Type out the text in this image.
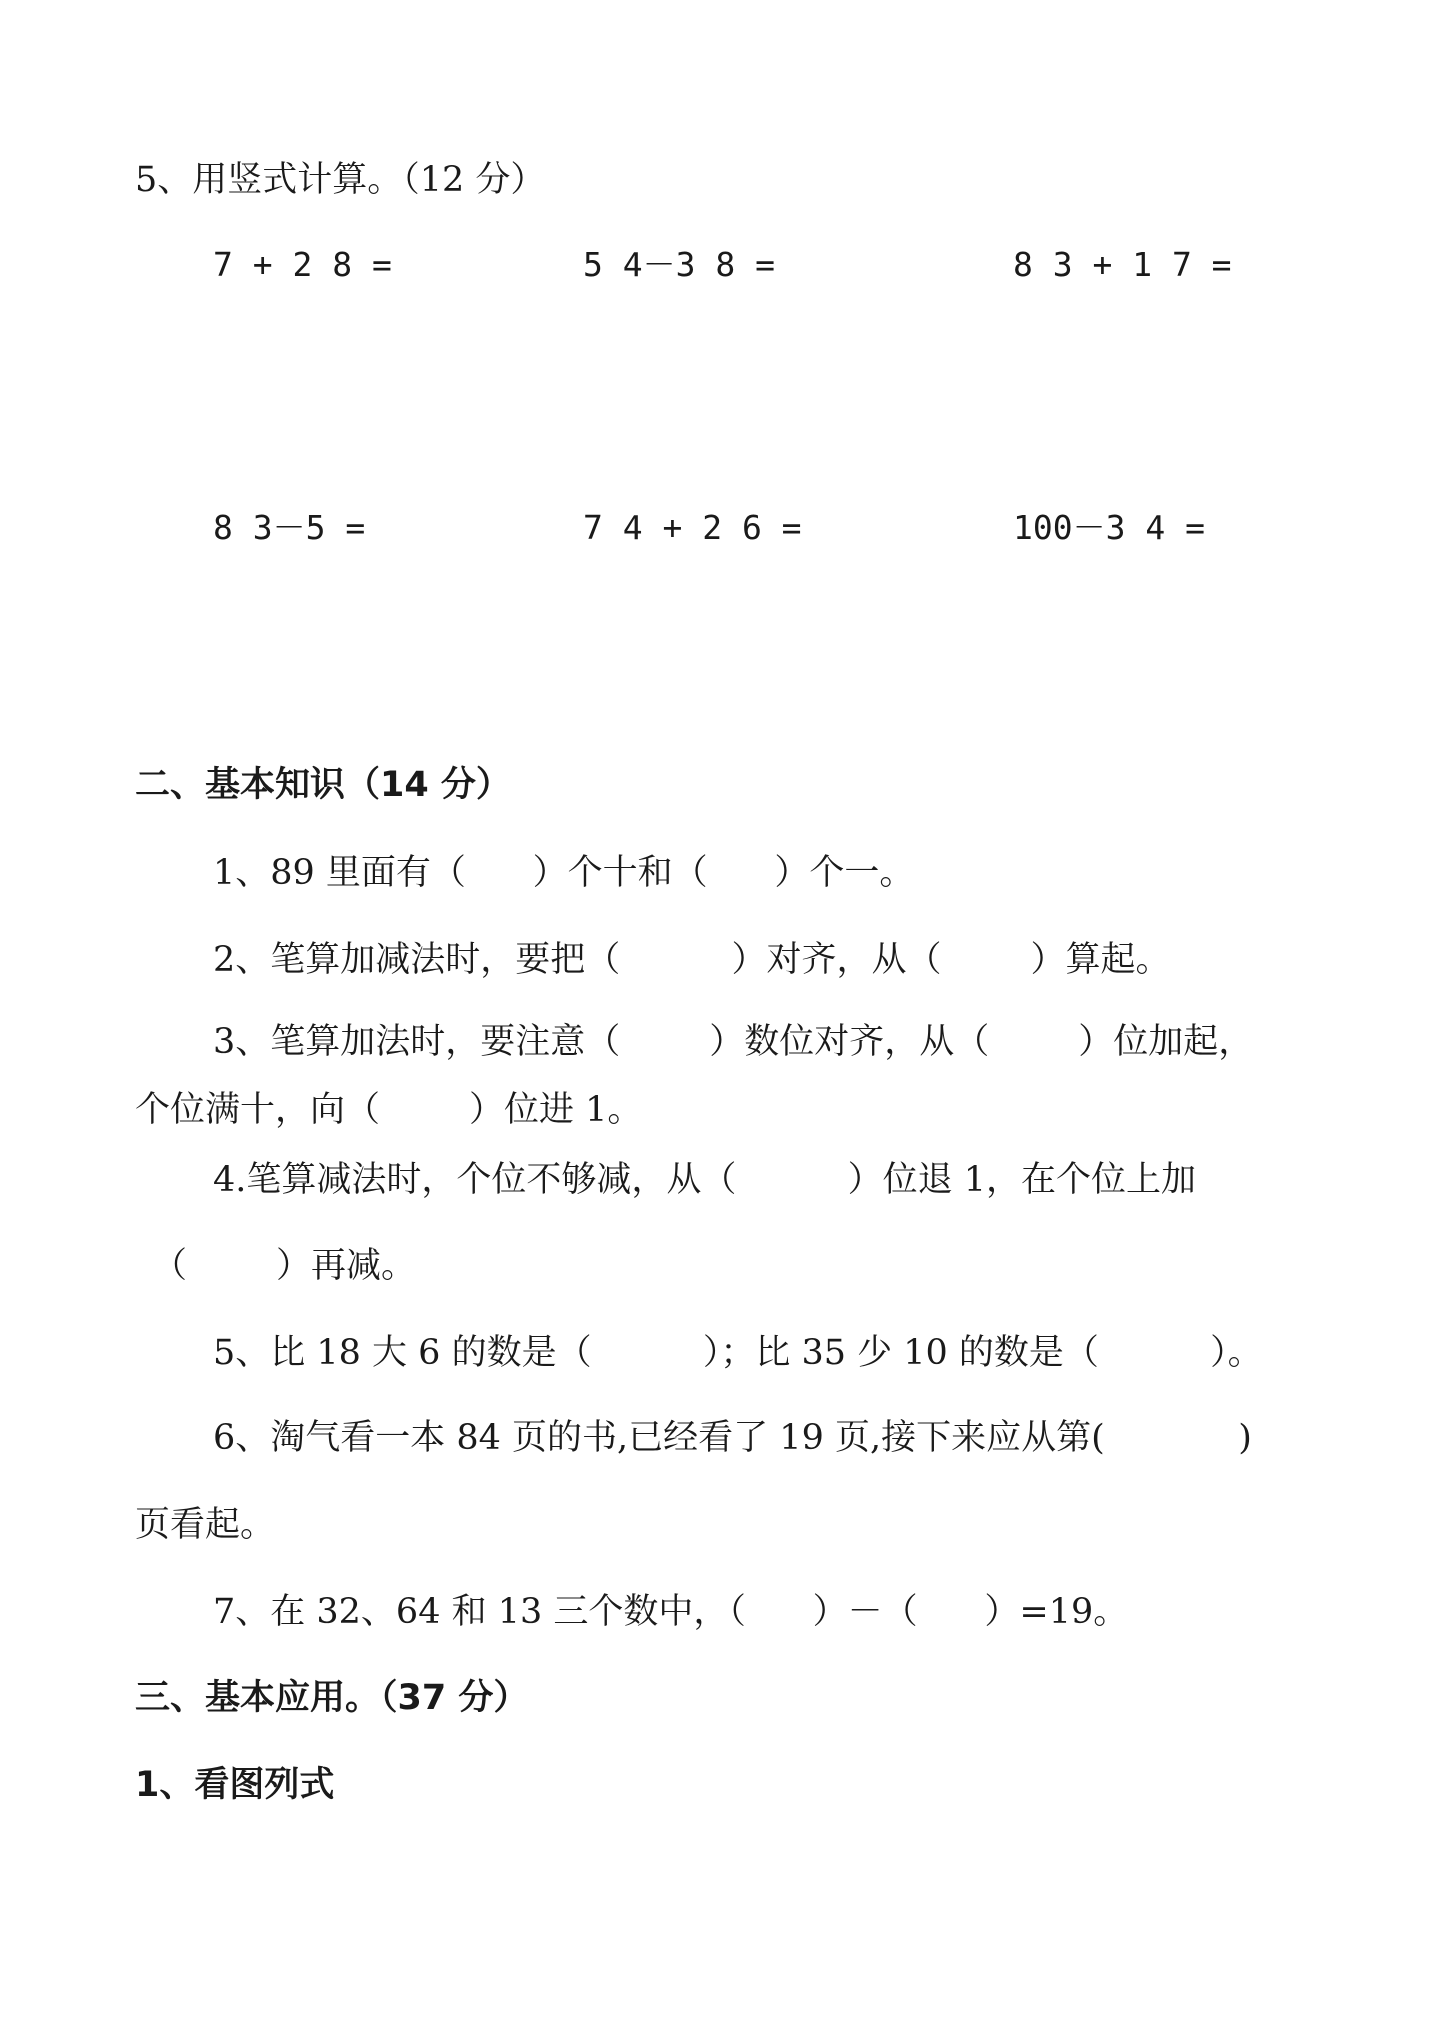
5、用竖式计算。（12 分）
7 + 2 8 =	5 4－3 8 =	8 3 + 1 7 =
8 3－5 =	7 4 + 2 6 =	100－3 4 =
二、基本知识（14 分）
1、89 里面有（      ）个十和（      ）个一。
2、笔算加减法时，要把（          ）对齐，从（        ）算起。
3、笔算加法时，要注意（        ）数位对齐，从（        ）位加起，
个位满十，向（        ）位进 1。
4.笔算减法时，个位不够减，从（          ）位退 1，在个位上加
（        ）再减。
5、比 18 大 6 的数是（          ）；比 35 少 10 的数是（          ）。
6、淘气看一本 84 页的书,已经看了 19 页,接下来应从第(            )
页看起。
7、在 32、64 和 13 三个数中，（      ）－（      ）=19。
三、基本应用。（37 分）
1、看图列式
